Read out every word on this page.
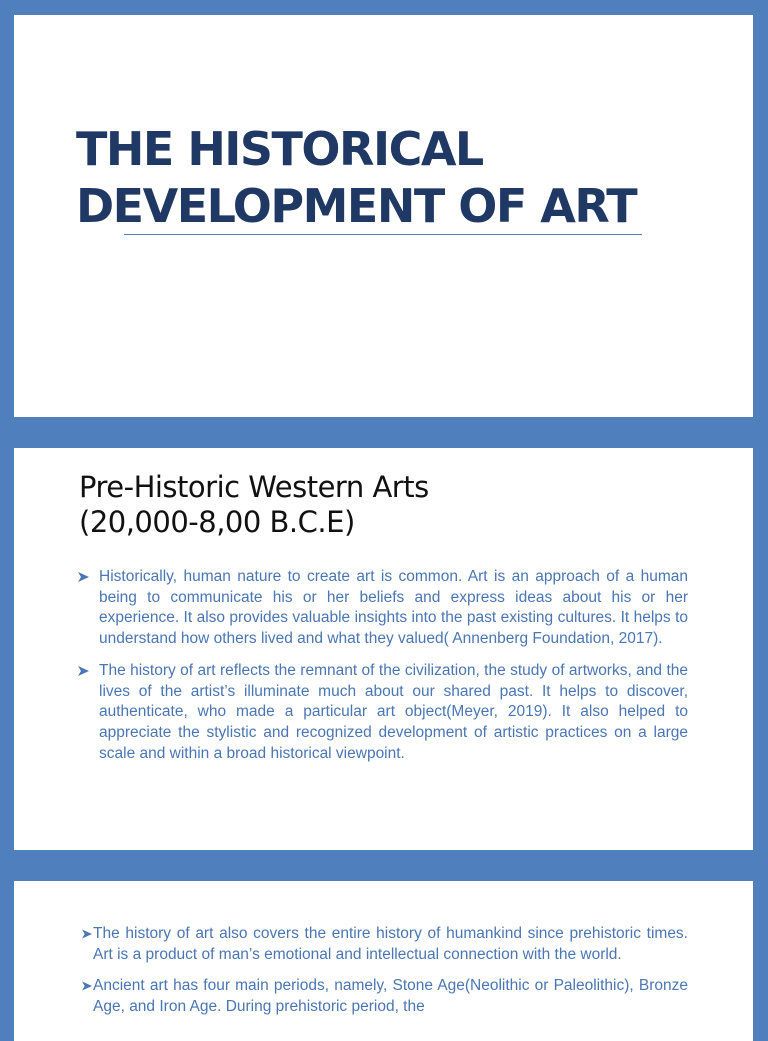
THE HISTORICAL
DEVELOPMENT OF ART
Pre-Historic Western Arts
(20,000-8,00 B.C.E)
Historically, human nature to create art is common. Art is an approach of a human being to communicate his or her beliefs and express ideas about his or her experience. It also provides valuable insights into the past existing cultures. It helps to understand how others lived and what they valued( Annenberg Foundation, 2017).
The history of art reflects the remnant of the civilization, the study of artworks, and the lives of the artist’s illuminate much about our shared past. It helps to discover, authenticate, who made a particular art object(Meyer, 2019). It also helped to appreciate the stylistic and recognized development of artistic practices on a large scale and within a broad historical viewpoint.
The history of art also covers the entire history of humankind since prehistoric times. Art is a product of man’s emotional and intellectual connection with the world.
Ancient art has four main periods, namely, Stone Age(Neolithic or Paleolithic), Bronze Age, and Iron Age. During prehistoric period, the
